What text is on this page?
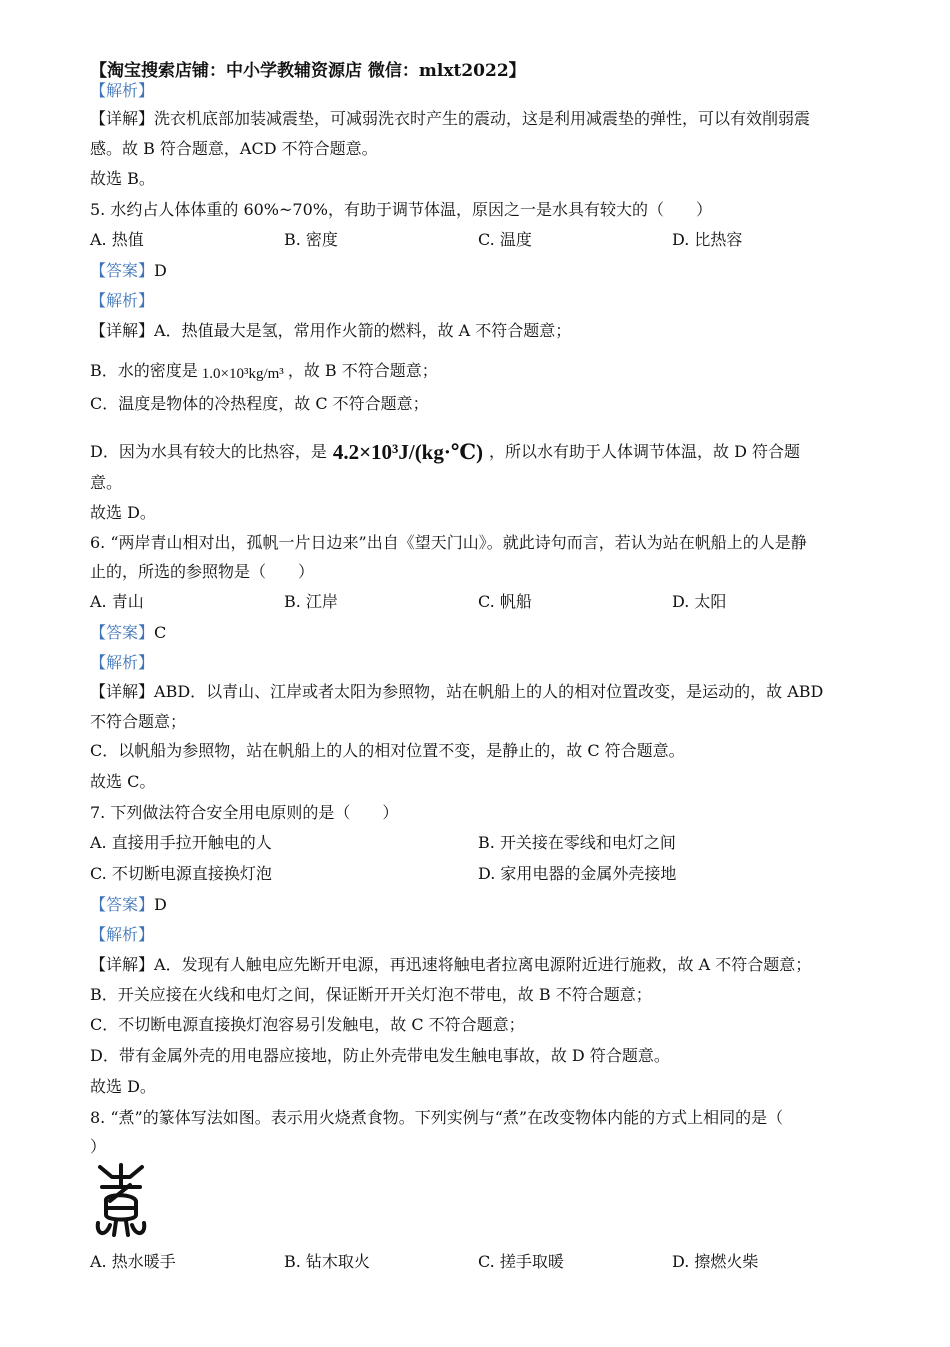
【淘宝搜索店铺：中小学教辅资源店 微信：mlxt2022】
【解析】
【详解】洗衣机底部加装减震垫，可减弱洗衣时产生的震动，这是利用减震垫的弹性，可以有效削弱震
感。故 B 符合题意，ACD 不符合题意。
故选 B。
5. 水约占人体体重的 60%~70%，有助于调节体温，原因之一是水具有较大的（　　）
A. 热值	B. 密度	C. 温度	D. 比热容
【答案】D
【解析】
【详解】A．热值最大是氢，常用作火箭的燃料，故 A 不符合题意；
B．水的密度是 1.0×10³kg/m³ ，故 B 不符合题意；
C．温度是物体的冷热程度，故 C 不符合题意；
D．因为水具有较大的比热容，是 4.2×10³J/(kg·℃) ，所以水有助于人体调节体温，故 D 符合题
意。
故选 D。
6. “两岸青山相对出，孤帆一片日边来”出自《望天门山》。就此诗句而言，若认为站在帆船上的人是静
止的，所选的参照物是（　　）
A. 青山	B. 江岸	C. 帆船	D. 太阳
【答案】C
【解析】
【详解】ABD．以青山、江岸或者太阳为参照物，站在帆船上的人的相对位置改变，是运动的，故 ABD
不符合题意；
C．以帆船为参照物，站在帆船上的人的相对位置不变，是静止的，故 C 符合题意。
故选 C。
7. 下列做法符合安全用电原则的是（　　）
A. 直接用手拉开触电的人	B. 开关接在零线和电灯之间
C. 不切断电源直接换灯泡	D. 家用电器的金属外壳接地
【答案】D
【解析】
【详解】A．发现有人触电应先断开电源，再迅速将触电者拉离电源附近进行施救，故 A 不符合题意；
B．开关应接在火线和电灯之间，保证断开开关灯泡不带电，故 B 不符合题意；
C．不切断电源直接换灯泡容易引发触电，故 C 不符合题意；
D．带有金属外壳的用电器应接地，防止外壳带电发生触电事故，故 D 符合题意。
故选 D。
8. “煮”的篆体写法如图。表示用火烧煮食物。下列实例与“煮”在改变物体内能的方式上相同的是（
）
A. 热水暖手	B. 钻木取火	C. 搓手取暖	D. 擦燃火柴
